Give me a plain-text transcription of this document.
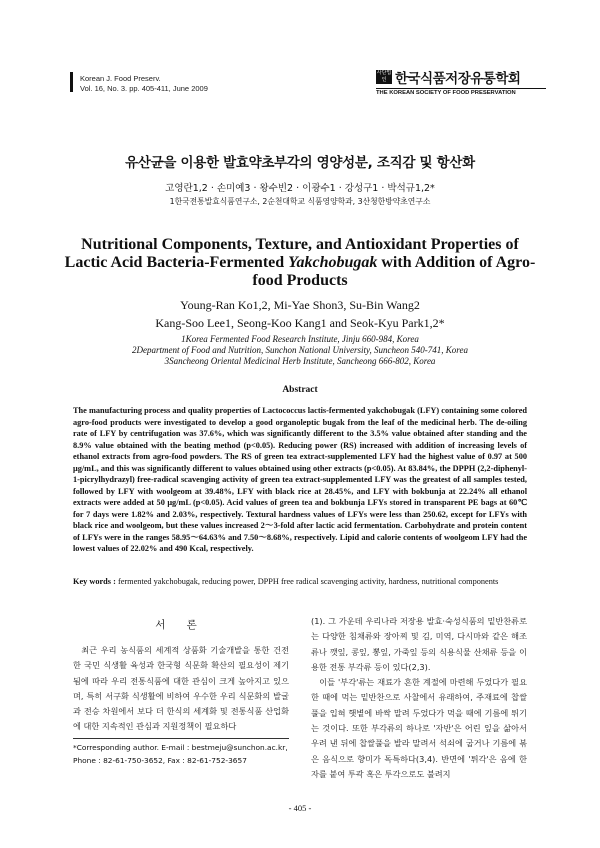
Korean J. Food Preserv.
Vol. 16, No. 3. pp. 405-411, June 2009
사단법인 한국식품저장유통학회
THE KOREAN SOCIETY OF FOOD PRESERVATION
유산균을 이용한 발효약초부각의 영양성분, 조직감 및 항산화
고영란1,2 · 손미예3 · 왕수빈2 · 이광수1 · 강성구1 · 박석규1,2*
1한국전통발효식품연구소, 2순천대학교 식품영양학과, 3산청한방약초연구소
Nutritional Components, Texture, and Antioxidant Properties of Lactic Acid Bacteria-Fermented Yakchobugak with Addition of Agro-food Products
Young-Ran Ko1,2, Mi-Yae Shon3, Su-Bin Wang2
Kang-Soo Lee1, Seong-Koo Kang1 and Seok-Kyu Park1,2*
1Korea Fermented Food Research Institute, Jinju 660-984, Korea
2Department of Food and Nutrition, Sunchon National University, Suncheon 540-741, Korea
3Sancheong Oriental Medicinal Herb Institute, Sancheong 666-802, Korea
Abstract
The manufacturing process and quality properties of Lactococcus lactis-fermented yakchobugak (LFY) containing some colored agro-food products were investigated to develop a good organoleptic bugak from the leaf of the medicinal herb. The de-oiling rate of LFY by centrifugation was 37.6%, which was significantly different to the 3.5% value obtained after standing and the 8.9% value obtained with the beating method (p<0.05). Reducing power (RS) increased with addition of increasing levels of ethanol extracts from agro-food powders. The RS of green tea extract-supplemented LFY had the highest value of 0.97 at 500 μg/mL, and this was significantly different to values obtained using other extracts (p<0.05). At 83.84%, the DPPH (2,2-diphenyl-1-picrylhydrazyl) free-radical scavenging activity of green tea extract-supplemented LFY was the greatest of all samples tested, followed by LFY with woolgeom at 39.48%, LFY with black rice at 28.45%, and LFY with bokbunja at 22.24% all ethanol extracts were added at 50 μg/mL (p<0.05). Acid values of green tea and bokbunja LFYs stored in transparent PE bags at 60℃ for 7 days were 1.82% and 2.03%, respectively. Textural hardness values of LFYs were less than 250.62, except for LFYs with black rice and woolgeom, but these values increased 2～3-fold after lactic acid fermentation. Carbohydrate and protein content of LFYs were in the ranges 58.95～64.63% and 7.50～8.68%, respectively. Lipid and calorie contents of woolgeom LFY had the lowest values of 22.02% and 490 Kcal, respectively.
Key words : fermented yakchobugak, reducing power, DPPH free radical scavenging activity, hardness, nutritional components
서 론

최근 우리 농식품의 세계적 상품화 기술개발을 통한 건전한 국민 식생활 육성과 한국형 식문화 확산의 필요성이 제기됨에 따라 우리 전통식품에 대한 관심이 크게 높아지고 있으며, 특히 서구화 식생활에 비하여 우수한 우리 식문화의 발굴과 전승 차원에서 보다 더 한식의 세계화 및 전통식품 산업화에 대한 지속적인 관심과 지원정책이 필요하다

(1). 그 가운데 우리나라 저장용 발효·숙성식품의 밑반찬류로는 다양한 침채류와 장아찌 및 김, 미역, 다시마와 같은 해조류나 깻잎, 콩잎, 뽕잎, 가죽잎 등의 식용식물 산채류 등을 이용한 전통 부각류 등이 있다(2,3).

이들 '부각'류는 재료가 흔한 계절에 마련해 두었다가 필요한 때에 먹는 밑반찬으로 사찰에서 유래하여, 주재료에 찹쌀풀을 입혀 햇볕에 바싹 말려 두었다가 먹을 때에 기름에 튀기는 것이다. 또한 부각류의 하나로 '자반'은 어린 잎을 삶아서 우려 낸 뒤에 찹쌀풀을 발라 말려서 석쇠에 굽거나 기름에 볶은 음식으로 향미가 독특하다(3,4). 반면에 '튀각'은 음에 한자를 붙여 투곽 혹은 투각으로도 불려지

*Corresponding author. E-mail : bestmeju@sunchon.ac.kr,
Phone : 82-61-750-3652, Fax : 82-61-752-3657
- 405 -
